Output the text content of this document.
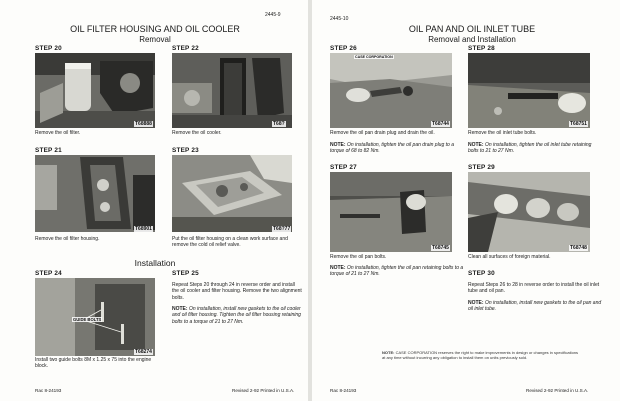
2445-9
OIL FILTER HOUSING AND OIL COOLER
Removal
STEP 20
T68888
Remove the oil filter.
STEP 22
T68?
Remove the oil cooler.
STEP 21
T68901
Remove the oil filter housing.
STEP 23
T68?77
Put the oil filter housing on a clean work surface and remove the cold oil relief valve.
Installation
STEP 24
GUIDE BOLTS
T68274
Install two guide bolts 8M x 1.25 x 75 into the engine block.
STEP 25
Repeat Steps 20 through 24 in reverse order and install the oil cooler and filter housing. Remove the two alignment bolts.
NOTE: On installation, install new gaskets to the oil cooler and oil filter housing. Tighten the oil filter housing retaining bolts to a torque of 21 to 27 Nm.
Rac 8-24193	Revised 2-92 Printed in U.S.A.
2445-10
OIL PAN AND OIL INLET TUBE
Removal and Installation
STEP 26
CASE CORPORATION
T68744
Remove the oil pan drain plug and drain the oil.
NOTE: On installation, tighten the oil pan drain plug to a torque of 68 to 82 Nm.
STEP 28
T68751
Remove the oil inlet tube bolts.
NOTE: On installation, tighten the oil inlet tube retaining bolts to 21 to 27 Nm.
STEP 27
T68745
Remove the oil pan bolts.
NOTE: On installation, tighten the oil pan retaining bolts to a torque of 21 to 27 Nm.
STEP 29
T68748
Clean all surfaces of foreign material.
STEP 30
Repeat Steps 26 to 28 in reverse order to install the oil inlet tube and oil pan.
NOTE: On installation, install new gaskets to the oil pan and oil inlet tube.
NOTE: CASE CORPORATION reserves the right to make improvements in design or changes in specifications at any time without incurring any obligation to install them on units previously sold.
Rac 8-24193	Revised 2-92 Printed in U.S.A.
